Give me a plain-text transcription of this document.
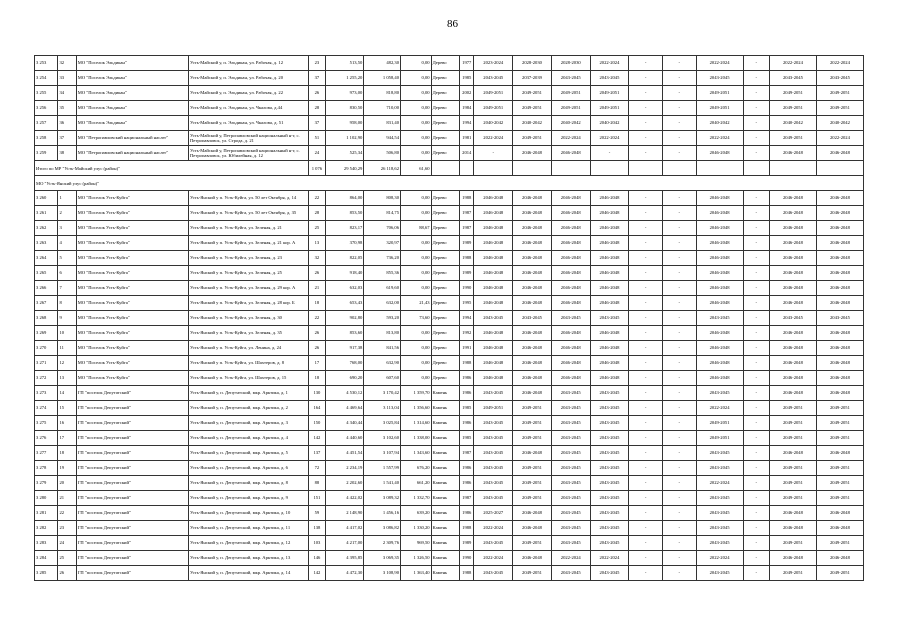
86
3 253	32	МО "Поселок Эльдикан"	Усть-Майский у, п. Эльдикан, ул. Рабочая, д. 12	23	513,50	482,30	0,00	Дерево	1977	2023-2024	2028-2030	2028-2030	2022-2024	-	-	2022-2024	-	2022-2024	2022-2024
3 254	33	МО "Поселок Эльдикан"	Усть-Майский у, п. Эльдикан, ул. Рабочая, д. 20	37	1 255,20	1 058,40	0,00	Дерево	1985	2043-2045	2037-2039	2043-2045	2043-2045	-	-	2043-2045	-	2043-2045	2043-2045
3 255	34	МО "Поселок Эльдикан"	Усть-Майский у, п. Эльдикан, ул. Рабочая, д. 22	26	973,00	818,80	0,00	Дерево	2002	2049-2051	2049-2051	2049-2051	2049-2051	-	-	2049-2051	-	2049-2051	2049-2051
3 256	35	МО "Поселок Эльдикан"	Усть-Майский у, п. Эльдикан, ул. Чкалова, д.44	28	830,50	710,00	0,00	Дерево	1984	2049-2051	2049-2051	2049-2051	2049-2051	-	-	2049-2051	-	2049-2051	2049-2051
3 257	36	МО "Поселок Эльдикан"	Усть-Майский у, п. Эльдикан, ул. Чкалова, д. 51	37	958,00	831,40	0,00	Дерево	1994	2040-2042	2040-2042	2040-2042	2040-2042	-	-	2040-2042	-	2040-2042	2040-2042
3 258	37	МО "Петропавловский национальный наслег"	Усть-Майский у, Петропавловский национальный н-г, с. Петропавловск, ул. Строда, д. 21	51	1 102,90	944,54	0,00	Дерево	1981	2022-2024	2049-2051	2022-2024	2022-2024	-	-	2022-2024	-	2049-2051	2022-2024
3 259	38	МО "Петропавловский национальный наслег"	Усть-Майский у, Петропавловский национальный н-г, с. Петропавловск, ул. Юбилейная, д. 12	24	525,34	506,80	0,00	Дерево	2014	-	2046-2048	2046-2048	-	-	-	2046-2048	-	2046-2048	2046-2048
Итого по МР "Усть-Майский улус (район)"				1 076	29 540,29	26 118,62	61,60												
МО "Усть-Янский улус (район)"																			
3 260	1	МО "Поселок Усть-Куйга"	Усть-Янский у п. Усть-Куйга, ул. 50 лет Октября, д. 14	22	864,00	808,30	0,00	Дерево	1988	2046-2048	2046-2048	2046-2048	2046-2048	-	-	2046-2048	-	2046-2048	2046-2048
3 261	2	МО "Поселок Усть-Куйга"	Усть-Янский у п. Усть-Куйга, ул. 50 лет Октября, д. 35	28	853,50	814,75	0,00	Дерево	1987	2046-2048	2046-2048	2046-2048	2046-2048	-	-	2046-2048	-	2046-2048	2046-2048
3 262	3	МО "Поселок Усть-Куйга"	Усть-Янский у п. Усть-Куйга, ул. Зеленая, д. 21	25	823,17	706,06	88,67	Дерево	1987	2046-2048	2046-2048	2046-2048	2046-2048	-	-	2046-2048	-	2046-2048	2046-2048
3 263	4	МО "Поселок Усть-Куйга"	Усть-Янский у п. Усть-Куйга, ул. Зеленая, д. 21 кор. А	13	370,98	320,97	0,00	Дерево	1989	2046-2048	2046-2048	2046-2048	2046-2048	-	-	2046-2048	-	2046-2048	2046-2048
3 264	5	МО "Поселок Усть-Куйга"	Усть-Янский у п. Усть-Куйга, ул. Зеленая, д. 23	32	822,05	736,20	0,00	Дерево	1988	2046-2048	2046-2048	2046-2048	2046-2048	-	-	2046-2048	-	2046-2048	2046-2048
3 265	6	МО "Поселок Усть-Куйга"	Усть-Янский у п. Усть-Куйга, ул. Зеленая, д. 25	26	918,40	855,36	0,00	Дерево	1989	2046-2048	2046-2048	2046-2048	2046-2048	-	-	2046-2048	-	2046-2048	2046-2048
3 266	7	МО "Поселок Усть-Куйга"	Усть-Янский у п. Усть-Куйга, ул. Зеленая, д. 29 кор. А	21	632,03	619,60	0,00	Дерево	1990	2046-2048	2046-2048	2046-2048	2046-2048	-	-	2046-2048	-	2046-2048	2046-2048
3 267	8	МО "Поселок Усть-Куйга"	Усть-Янский у п. Усть-Куйга, ул. Зеленая, д. 28 кор. Б	18	653,43	632,00	21,43	Дерево	1995	2046-2048	2046-2048	2046-2048	2046-2048	-	-	2046-2048	-	2046-2048	2046-2048
3 268	9	МО "Поселок Усть-Куйга"	Усть-Янский у п. Усть-Куйга, ул. Зеленая, д. 30	22	902,80	593,20	73,60	Дерево	1994	2043-2045	2043-2045	2043-2045	2043-2045	-	-	2043-2045	-	2043-2045	2043-2045
3 269	10	МО "Поселок Усть-Куйга"	Усть-Янский у п. Усть-Куйга, ул. Зеленая, д. 35	26	853,60	813,80	0,00	Дерево	1992	2046-2048	2046-2048	2046-2048	2046-2048	-	-	2046-2048	-	2046-2048	2046-2048
3 270	11	МО "Поселок Усть-Куйга"	Усть-Янский у п. Усть-Куйга, ул. Ленина, д. 24	26	917,38	841,56	0,00	Дерево	1991	2046-2048	2046-2048	2046-2048	2046-2048	-	-	2046-2048	-	2046-2048	2046-2048
3 271	12	МО "Поселок Усть-Куйга"	Усть-Янский у п. Усть-Куйга, ул. Шахтеров, д. 8	17	768,00	632,90	0,00	Дерево	1988	2046-2048	2046-2048	2046-2048	2046-2048	-	-	2046-2048	-	2046-2048	2046-2048
3 272	13	МО "Поселок Усть-Куйга"	Усть-Янский у п. Усть-Куйга, ул. Шахтеров, д. 15	18	690,20	607,60	0,00	Дерево	1986	2046-2048	2046-2048	2046-2048	2046-2048	-	-	2046-2048	-	2046-2048	2046-2048
3 273	14	ГП "поселок Депутатский"	Усть-Янский у, п. Депутатский, мкр. Арктика, д. 1	130	4 530,12	3 170,42	1 359,70	Камень	1986	2043-2045	2046-2048	2043-2045	2043-2045	-	-	2043-2045	-	2046-2048	2046-2048
3 274	15	ГП "поселок Депутатский"	Усть-Янский у, п. Депутатский, мкр. Арктика, д. 2	164	4 469,64	3 113,04	1 356,60	Камень	1985	2049-2051	2049-2051	2043-2045	2043-2045	-	-	2022-2024	-	2049-2051	2049-2051
3 275	16	ГП "поселок Депутатский"	Усть-Янский у, п. Депутатский, мкр. Арктика, д. 3	150	4 340,44	3 025,84	1 314,60	Камень	1986	2043-2045	2049-2051	2043-2045	2043-2045	-	-	2049-2051	-	2049-2051	2049-2051
3 276	17	ГП "поселок Депутатский"	Усть-Янский у, п. Депутатский, мкр. Арктика, д. 4	142	4 440,60	3 102,60	1 338,00	Камень	1985	2043-2045	2049-2051	2043-2045	2043-2045	-	-	2049-2051	-	2049-2051	2049-2051
3 277	18	ГП "поселок Депутатский"	Усть-Янский у, п. Депутатский, мкр. Арктика, д. 5	137	4 451,54	3 107,94	1 343,60	Камень	1987	2043-2045	2046-2048	2043-2045	2043-2045	-	-	2043-2045	-	2046-2048	2046-2048
3 278	19	ГП "поселок Депутатский"	Усть-Янский у, п. Депутатский, мкр. Арктика, д. 6	72	2 234,19	1 557,99	676,20	Камень	1986	2043-2045	2049-2051	2043-2045	2043-2045	-	-	2043-2045	-	2049-2051	2049-2051
3 279	20	ГП "поселок Депутатский"	Усть-Янский у, п. Депутатский, мкр. Арктика, д. 8	88	2 202,60	1 541,40	661,20	Камень	1986	2043-2045	2049-2051	2043-2045	2043-2045	-	-	2022-2024	-	2049-2051	2049-2051
3 280	21	ГП "поселок Депутатский"	Усть-Янский у, п. Депутатский, мкр. Арктика, д. 9	151	4 422,02	3 089,32	1 332,70	Камень	1987	2043-2045	2049-2051	2043-2045	2043-2045	-	-	2043-2045	-	2049-2051	2049-2051
3 281	22	ГП "поселок Депутатский"	Усть-Янский у, п. Депутатский, мкр. Арктика, д. 10	59	2 148,90	1 456,16	639,20	Камень	1986	2025-2027	2046-2048	2043-2045	2043-2045	-	-	2043-2045	-	2046-2048	2046-2048
3 282	23	ГП "поселок Депутатский"	Усть-Янский у, п. Депутатский, мкр. Арктика, д. 11	138	4 417,02	3 086,82	1 330,20	Камень	1988	2022-2024	2046-2048	2043-2045	2043-2045	-	-	2043-2045	-	2046-2048	2046-2048
3 283	24	ГП "поселок Депутатский"	Усть-Янский у, п. Депутатский, мкр. Арктика, д. 12	103	4 217,00	2 309,76	969,50	Камень	1989	2043-2045	2049-2051	2043-2045	2043-2045	-	-	2043-2045	-	2049-2051	2049-2051
3 284	25	ГП "поселок Депутатский"	Усть-Янский у, п. Депутатский, мкр. Арктика, д. 13	146	4 395,85	3 069,35	1 326,50	Камень	1990	2022-2024	2046-2048	2022-2024	2022-2024	-	-	2022-2024	-	2046-2048	2046-2048
3 285	26	ГП "поселок Депутатский"	Усть-Янский у, п. Депутатский, мкр. Арктика, д. 14	142	4 472,30	3 108,90	1 363,40	Камень	1988	2043-2045	2049-2051	2043-2045	2043-2045	-	-	2043-2045	-	2049-2051	2049-2051
